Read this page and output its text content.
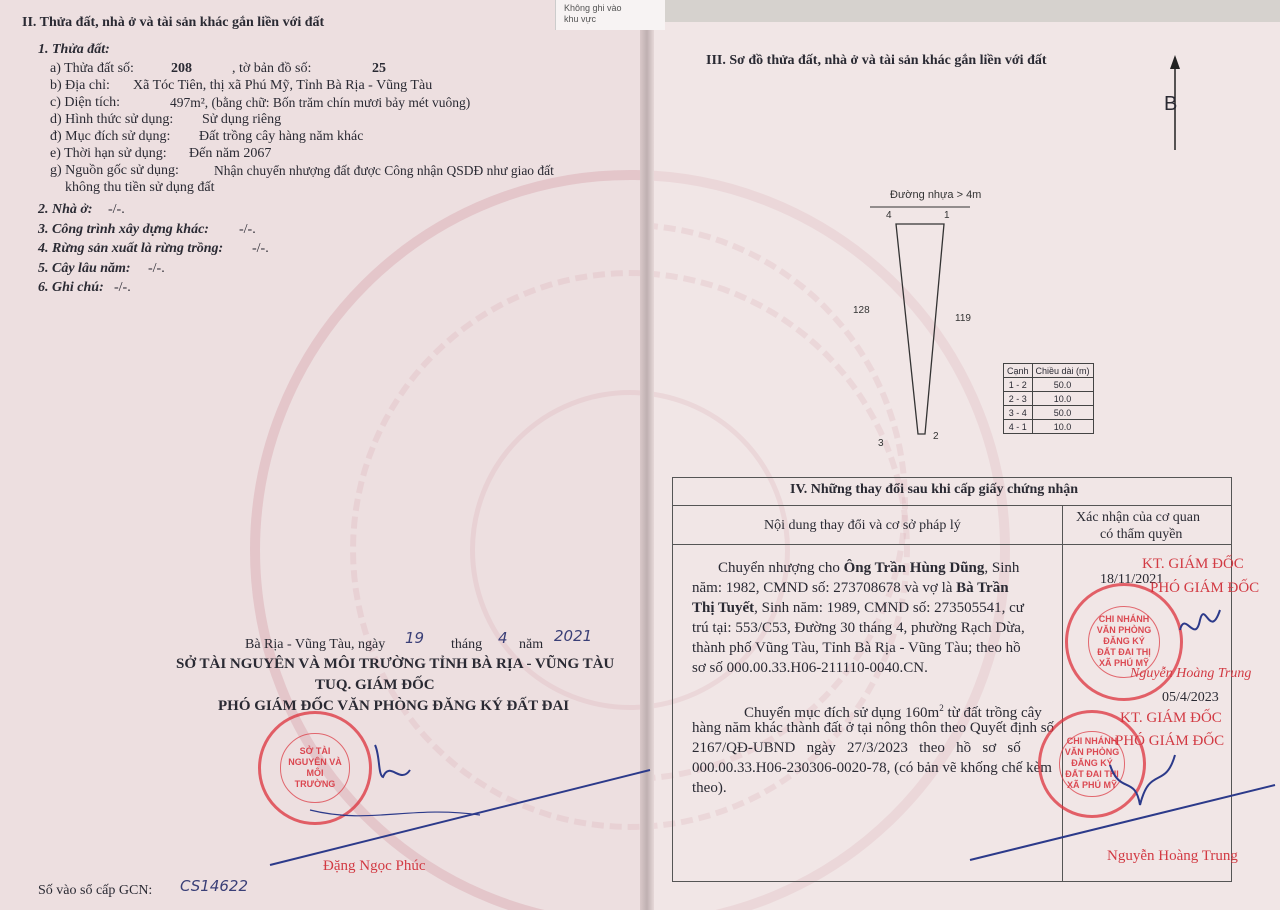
Không ghi vào
khu vực
II. Thửa đất, nhà ở và tài sản khác gắn liền với đất
1. Thửa đất:
a) Thửa đất số:	208	, tờ bản đồ số:	25
b) Địa chỉ: Xã Tóc Tiên, thị xã Phú Mỹ, Tỉnh Bà Rịa - Vũng Tàu
c) Diện tích:	497m², (bằng chữ: Bốn trăm chín mươi bảy mét vuông)
d) Hình thức sử dụng: Sử dụng riêng
đ) Mục đích sử dụng: Đất trồng cây hàng năm khác
e) Thời hạn sử dụng: Đến năm 2067
g) Nguồn gốc sử dụng:	Nhận chuyển nhượng đất được Công nhận QSDĐ như giao đất
không thu tiền sử dụng đất
2. Nhà ở: -/-.
3. Công trình xây dựng khác: -/-.
4. Rừng sản xuất là rừng trồng: -/-.
5. Cây lâu năm: -/-.
6. Ghi chú: -/-.
Bà Rịa - Vũng Tàu, ngày 19 tháng 4 năm 2021
SỞ TÀI NGUYÊN VÀ MÔI TRƯỜNG TỈNH BÀ RỊA - VŨNG TÀU
TUQ. GIÁM ĐỐC
PHÓ GIÁM ĐỐC VĂN PHÒNG ĐĂNG KÝ ĐẤT ĐAI
SỞ TÀI NGUYÊN VÀ MÔI TRƯỜNG
Đặng Ngọc Phúc
Số vào sổ cấp GCN: CS14622
III. Sơ đồ thửa đất, nhà ở và tài sản khác gắn liền với đất
B
Đường nhựa > 4m
4	1
3
2
128
119
Cạnh	Chiều dài (m)
1 - 2	50.0
2 - 3	10.0
3 - 4	50.0
4 - 1	10.0
IV. Những thay đổi sau khi cấp giấy chứng nhận
Nội dung thay đổi và cơ sở pháp lý
Xác nhận của cơ quan
có thẩm quyền
Chuyển nhượng cho Ông Trần Hùng Dũng, Sinh
năm: 1982, CMND số: 273708678 và vợ là Bà Trần
Thị Tuyết, Sinh năm: 1989, CMND số: 273505541, cư
trú tại: 553/C53, Đường 30 tháng 4, phường Rạch Dừa,
thành phố Vũng Tàu, Tỉnh Bà Rịa - Vũng Tàu; theo hồ
sơ số 000.00.33.H06-211110-0040.CN.
18/11/2021
KT. GIÁM ĐỐC
PHÓ GIÁM ĐỐC
CHI NHÁNH VĂN PHÒNG ĐĂNG KÝ ĐẤT ĐAI THỊ XÃ PHÚ MỸ
Nguyễn Hoàng Trung
Chuyển mục đích sử dụng $160m^2$ từ đất trồng cây
hàng năm khác thành đất ở tại nông thôn theo Quyết định số
2167/QĐ-UBND   ngày   27/3/2023   theo   hồ   sơ   số
000.00.33.H06-230306-0020-78, (có bản vẽ khống chế kèm
theo).
05/4/2023
KT. GIÁM ĐỐC
PHÓ GIÁM ĐỐC
CHI NHÁNH VĂN PHÒNG ĐĂNG KÝ ĐẤT ĐAI THỊ XÃ PHÚ MỸ
Nguyễn Hoàng Trung
